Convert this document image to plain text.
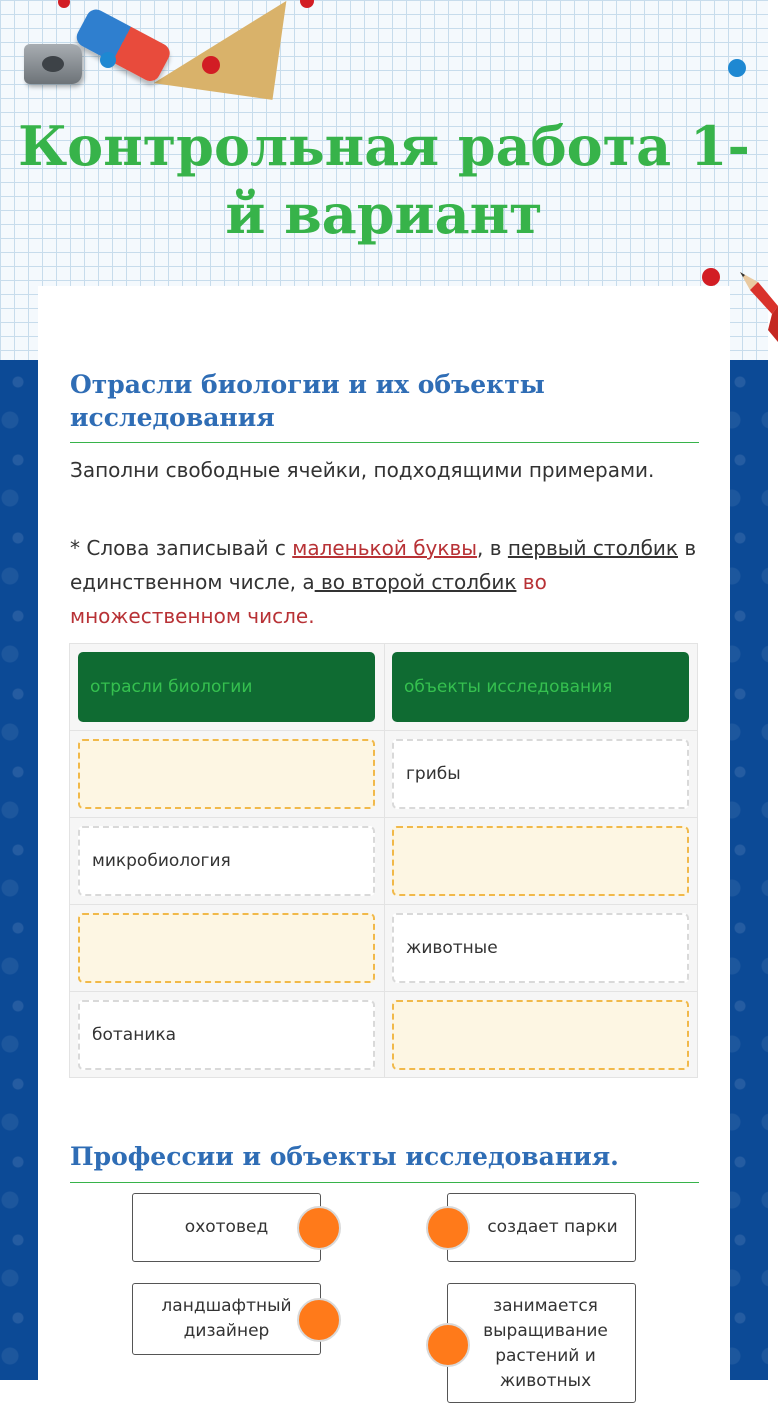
Контрольная работа 1-й вариант
Отрасли биологии и их объекты исследования

Заполни свободные ячейки, подходящими примерами.

* Слова записывай с маленькой буквы, в первый столбик в единственном числе, а во второй столбик во множественном числе.

отрасли биологии	объекты исследования
грибы
микробиология
животные
ботаника
Профессии и объекты исследования.
охотовед	создает парки
ландшафтный дизайнер
занимается выращивание растений и животных
